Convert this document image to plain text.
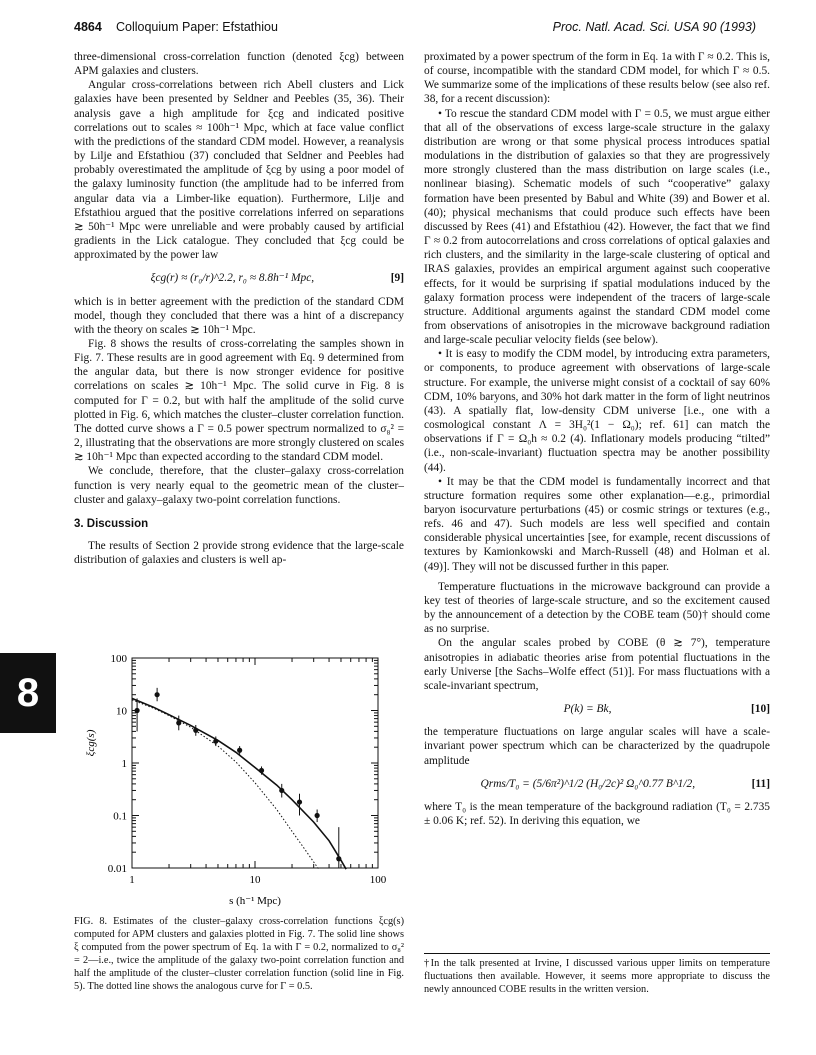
4864 Colloquium Paper: Efstathiou	Proc. Natl. Acad. Sci. USA 90 (1993)

three-dimensional cross-correlation function (denoted ξcg) between APM galaxies and clusters.

Angular cross-correlations between rich Abell clusters and Lick galaxies have been presented by Seldner and Peebles (35, 36). Their analysis gave a high amplitude for ξcg and indicated positive correlations out to scales ≈ 100h⁻¹ Mpc, which at face value conflict with the predictions of the standard CDM model. However, a reanalysis by Lilje and Efstathiou (37) concluded that Seldner and Peebles had probably overestimated the amplitude of ξcg by using a poor model of the galaxy luminosity function (the amplitude had to be inferred from angular data via a Limber-like equation). Furthermore, Lilje and Efstathiou argued that the positive correlations inferred on separations ≳ 50h⁻¹ Mpc were unreliable and were probably caused by artificial gradients in the Lick catalogue. They concluded that ξcg could be approximated by the power law

ξcg(r) ≈ (r₀/r)^2.2, r₀ ≈ 8.8h⁻¹ Mpc,	[9]

which is in better agreement with the prediction of the standard CDM model, though they concluded that there was a hint of a discrepancy with the theory on scales ≳ 10h⁻¹ Mpc.

Fig. 8 shows the results of cross-correlating the samples shown in Fig. 7. These results are in good agreement with Eq. 9 determined from the angular data, but there is now stronger evidence for positive correlations on scales ≳ 10h⁻¹ Mpc. The solid curve in Fig. 8 is computed for Γ = 0.2, but with half the amplitude of the solid curve plotted in Fig. 6, which matches the cluster–cluster correlation function. The dotted curve shows a Γ = 0.5 power spectrum normalized to σ₈² = 2, illustrating that the observations are more strongly clustered on scales ≳ 10h⁻¹ Mpc than expected according to the standard CDM model.

We conclude, therefore, that the cluster–galaxy cross-correlation function is very nearly equal to the geometric mean of the cluster–cluster and galaxy–galaxy two-point correlation functions.

3. Discussion

The results of Section 2 provide strong evidence that the large-scale distribution of galaxies and clusters is well ap-

8
1	10	100
100
10
1
0.1
0.01
ξcg(s)
s (h⁻¹ Mpc)
FIG. 8. Estimates of the cluster–galaxy cross-correlation functions ξcg(s) computed for APM clusters and galaxies plotted in Fig. 7. The solid line shows ξ computed from the power spectrum of Eq. 1a with Γ = 0.2, normalized to σ₈² = 2—i.e., twice the amplitude of the galaxy two-point correlation function and half the amplitude of the cluster–cluster correlation function (solid line in Fig. 5). The dotted line shows the analogous curve for Γ = 0.5.

proximated by a power spectrum of the form in Eq. 1a with Γ ≈ 0.2. This is, of course, incompatible with the standard CDM model, for which Γ ≈ 0.5. We summarize some of the implications of these results below (see also ref. 38, for a recent discussion):

• To rescue the standard CDM model with Γ = 0.5, we must argue either that all of the observations of excess large-scale structure in the galaxy distribution are wrong or that some physical process introduces spatial modulations in the distribution of galaxies so that they are progressively more strongly clustered than the mass distribution on large scales (i.e., nonlinear biasing). Schematic models of such “cooperative” galaxy formation have been presented by Babul and White (39) and Bower et al. (40); physical mechanisms that could produce such effects have been discussed by Rees (41) and Efstathiou (42). However, the fact that we find Γ ≈ 0.2 from autocorrelations and cross correlations of optical galaxies and rich clusters, and the similarity in the large-scale clustering of optical and IRAS galaxies, provides an empirical argument against such cooperative effects, for it would be surprising if spatial modulations induced by the galaxy formation process were independent of the tracers of large-scale structure. Additional arguments against the standard CDM model come from observations of anisotropies in the microwave background radiation and large-scale peculiar velocity fields (see below).

• It is easy to modify the CDM model, by introducing extra parameters, or components, to produce agreement with observations of large-scale structure. For example, the universe might consist of a cocktail of say 60% CDM, 10% baryons, and 30% hot dark matter in the form of light neutrinos (43). A spatially flat, low-density CDM universe [i.e., one with a cosmological constant Λ = 3H₀²(1 − Ω₀); ref. 61] can match the observations if Γ = Ω₀h ≈ 0.2 (4). Inflationary models producing “tilted” (i.e., non-scale-invariant) fluctuation spectra may be another possibility (44).

• It may be that the CDM model is fundamentally incorrect and that structure formation requires some other explanation—e.g., primordial baryon isocurvature perturbations (45) or cosmic strings or textures (e.g., refs. 46 and 47). Such models are less well specified and contain considerable physical uncertainties [see, for example, recent discussions of textures by Kamionkowski and March-Russell (48) and Holman et al. (49)]. They will not be discussed further in this paper.

Temperature fluctuations in the microwave background can provide a key test of theories of large-scale structure, and so the excitement caused by the announcement of a detection by the COBE team (50)† should come as no surprise.

On the angular scales probed by COBE (θ ≳ 7°), temperature anisotropies in adiabatic theories arise from potential fluctuations in the early Universe [the Sachs–Wolfe effect (51)]. For mass fluctuations with a scale-invariant spectrum,

P(k) = Bk,	[10]

the temperature fluctuations on large angular scales will have a scale-invariant power spectrum which can be characterized by the quadrupole amplitude

Qrms/T₀ = (5/6π²)^1/2 (H₀/2c)² Ω₀^0.77 B^1/2,	[11]

where T₀ is the mean temperature of the background radiation (T₀ = 2.735 ± 0.06 K; ref. 52). In deriving this equation, we

†In the talk presented at Irvine, I discussed various upper limits on temperature fluctuations then available. However, it seems more appropriate to discuss the newly announced COBE results in the written version.
